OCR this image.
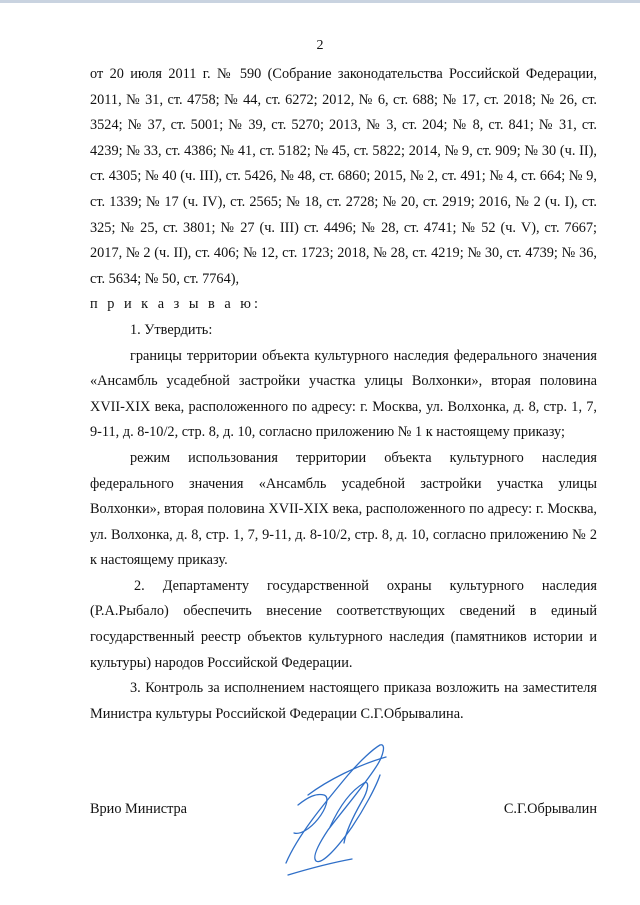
2

от 20 июля 2011 г. № 590 (Собрание законодательства Российской Федерации, 2011, № 31, ст. 4758; № 44, ст. 6272; 2012, № 6, ст. 688; № 17, ст. 2018; № 26, ст. 3524; № 37, ст. 5001; № 39, ст. 5270; 2013, № 3, ст. 204; № 8, ст. 841; № 31, ст. 4239; № 33, ст. 4386; № 41, ст. 5182; № 45, ст. 5822; 2014, № 9, ст. 909; № 30 (ч. II), ст. 4305; № 40 (ч. III), ст. 5426, № 48, ст. 6860; 2015, № 2, ст. 491; № 4, ст. 664; № 9, ст. 1339; № 17 (ч. IV), ст. 2565; № 18, ст. 2728; № 20, ст. 2919; 2016, № 2 (ч. I), ст. 325; № 25, ст. 3801; № 27 (ч. III) ст. 4496; № 28, ст. 4741; № 52 (ч. V), ст. 7667; 2017, № 2 (ч. II), ст. 406; № 12, ст. 1723; 2018, № 28, ст. 4219; № 30, ст. 4739; № 36, ст. 5634; № 50, ст. 7764),

п р и к а з ы в а ю:

1. Утвердить:

границы территории объекта культурного наследия федерального значения «Ансамбль усадебной застройки участка улицы Волхонки», вторая половина XVII-XIX века, расположенного по адресу: г. Москва, ул. Волхонка, д. 8, стр. 1, 7, 9-11, д. 8-10/2, стр. 8, д. 10, согласно приложению № 1 к настоящему приказу;

режим использования территории объекта культурного наследия федерального значения «Ансамбль усадебной застройки участка улицы Волхонки», вторая половина XVII-XIX века, расположенного по адресу: г. Москва, ул. Волхонка, д. 8, стр. 1, 7, 9-11, д. 8-10/2, стр. 8, д. 10, согласно приложению № 2 к настоящему приказу.

2. Департаменту государственной охраны культурного наследия (Р.А.Рыбало) обеспечить внесение соответствующих сведений в единый государственный реестр объектов культурного наследия (памятников истории и культуры) народов Российской Федерации.

3. Контроль за исполнением настоящего приказа возложить на заместителя Министра культуры Российской Федерации С.Г.Обрывалина.

Врио Министра	С.Г.Обрывалин
